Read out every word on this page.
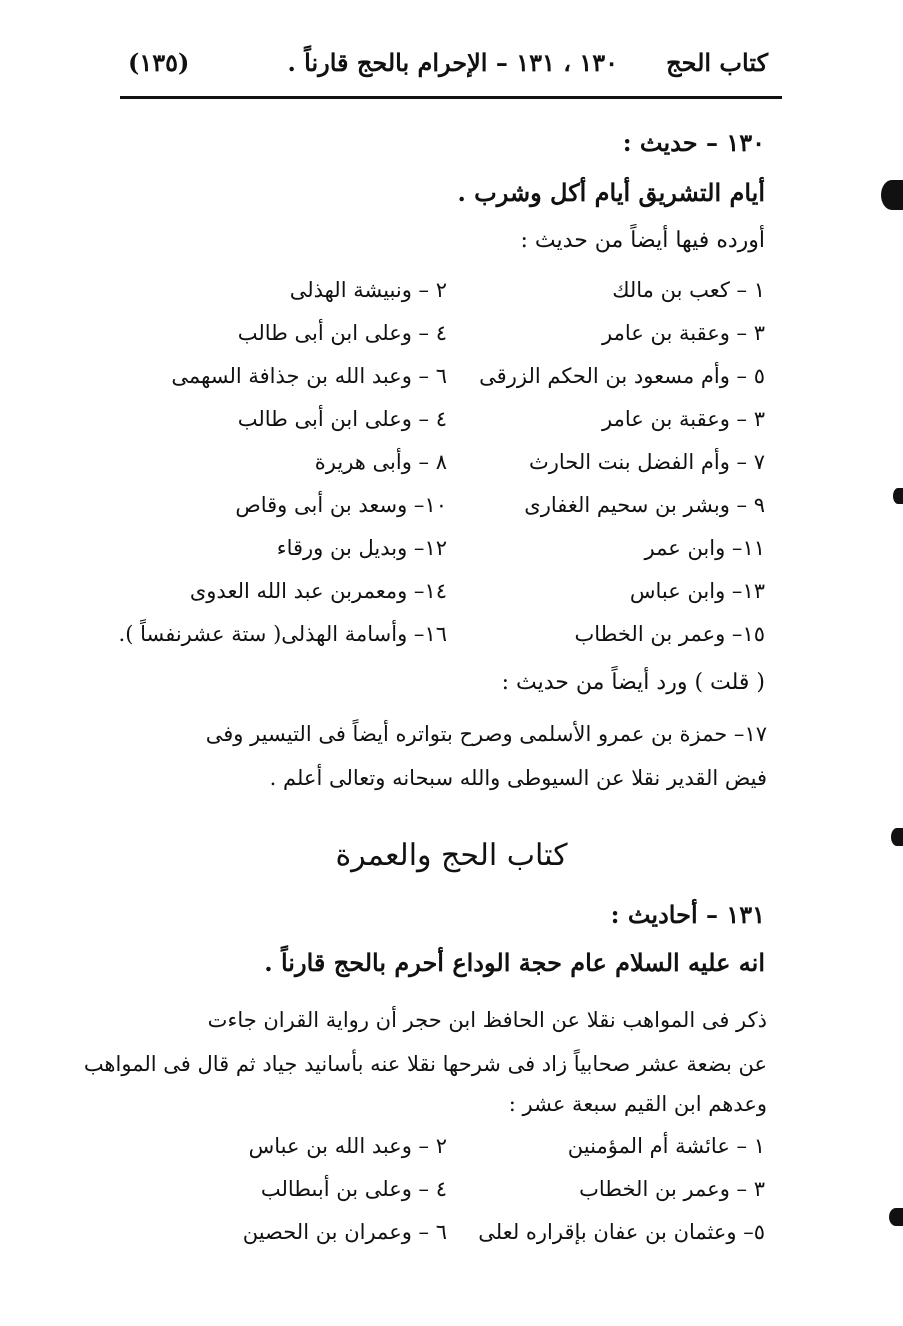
كتاب الحج
١٣٠ ، ١٣١ – الإحرام بالحج قارناً .
(١٣٥)
١٣٠ – حديث :
أيام التشريق أيام أكل وشرب .
أورده فيها أيضاً من حديث :
١ – كعب بن مالك
٢ – ونبيشة الهذلى
٣ – وعقبة بن عامر
٤ – وعلى ابن أبى طالب
٥ – وأم مسعود بن الحكم الزرقى
٦ – وعبد الله بن جذافة السهمى
٣ – وعقبة بن عامر
٤ – وعلى ابن أبى طالب
٧ – وأم الفضل بنت الحارث
٨ – وأبى هريرة
٩ – وبشر بن سحيم الغفارى
١٠– وسعد بن أبى وقاص
١١– وابن عمر
١٢– وبديل بن ورقاء
١٣– وابن عباس
١٤– ومعمربن عبد الله العدوى
١٥– وعمر بن الخطاب
١٦– وأسامة الهذلى( ستة عشرنفساً ).
( قلت ) ورد أيضاً من حديث :
١٧– حمزة بن عمرو الأسلمى وصرح بتواتره أيضاً فى التيسير وفى
فيض القدير نقلا عن السيوطى والله سبحانه وتعالى أعلم .
كتاب الحج والعمرة
١٣١ – أحاديث :
انه عليه السلام عام حجة الوداع أحرم بالحج قارناً .
ذكر فى المواهب نقلا عن الحافظ ابن حجر أن رواية القران جاءت
عن بضعة عشر صحابياً زاد فى شرحها نقلا عنه بأسانيد جياد ثم قال فى المواهب
وعدهم ابن القيم سبعة عشر :
١ – عائشة أم المؤمنين
٢ – وعبد الله بن عباس
٣ – وعمر بن الخطاب
٤ – وعلى بن أبىطالب
٥– وعثمان بن عفان بإقراره لعلى
٦ – وعمران بن الحصين
